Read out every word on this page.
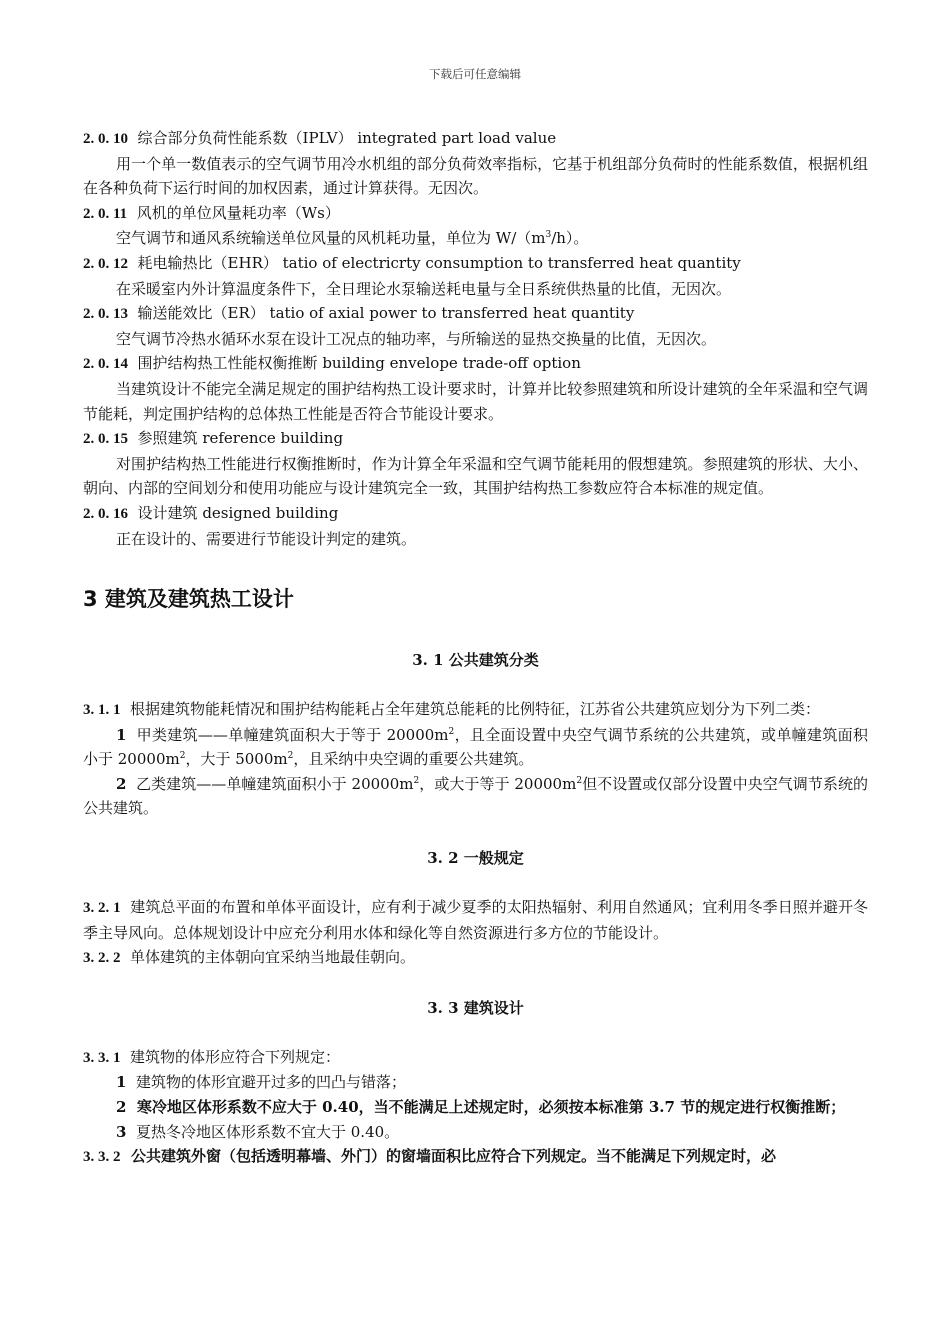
下载后可任意编辑

2. 0. 10 综合部分负荷性能系数（IPLV） integrated part load value

用一个单一数值表示的空气调节用冷水机组的部分负荷效率指标，它基于机组部分负荷时的性能系数值，根据机组在各种负荷下运行时间的加权因素，通过计算获得。无因次。

2. 0. 11 风机的单位风量耗功率（Ws）

空气调节和通风系统输送单位风量的风机耗功量，单位为 $W/(m^3/h)$。

2. 0. 12 耗电输热比（EHR） tatio of electricrty consumption to transferred heat quantity

在采暖室内外计算温度条件下，全日理论水泵输送耗电量与全日系统供热量的比值，无因次。

2. 0. 13 输送能效比（ER） tatio of axial power to transferred heat quantity

空气调节冷热水循环水泵在设计工况点的轴功率，与所输送的显热交换量的比值，无因次。

2. 0. 14 围护结构热工性能权衡推断 building envelope trade-off option

当建筑设计不能完全满足规定的围护结构热工设计要求时，计算并比较参照建筑和所设计建筑的全年采温和空气调节能耗，判定围护结构的总体热工性能是否符合节能设计要求。

2. 0. 15 参照建筑 reference building

对围护结构热工性能进行权衡推断时，作为计算全年采温和空气调节能耗用的假想建筑。参照建筑的形状、大小、朝向、内部的空间划分和使用功能应与设计建筑完全一致，其围护结构热工参数应符合本标准的规定值。

2. 0. 16 设计建筑 designed building

正在设计的、需要进行节能设计判定的建筑。

3 建筑及建筑热工设计
3. 1 公共建筑分类

3. 1. 1 根据建筑物能耗情况和围护结构能耗占全年建筑总能耗的比例特征，江苏省公共建筑应划分为下列二类：

1 甲类建筑——单幢建筑面积大于等于 $20000m^2$，且全面设置中央空气调节系统的公共建筑，或单幢建筑面积小于 $20000m^2$，大于 $5000m^2$，且采纳中央空调的重要公共建筑。

2 乙类建筑——单幢建筑面积小于 $20000m^2$，或大于等于 $20000m^2$但不设置或仅部分设置中央空气调节系统的公共建筑。

3. 2 一般规定

3. 2. 1 建筑总平面的布置和单体平面设计，应有利于减少夏季的太阳热辐射、利用自然通风；宜利用冬季日照并避开冬季主导风向。总体规划设计中应充分利用水体和绿化等自然资源进行多方位的节能设计。

3. 2. 2 单体建筑的主体朝向宜采纳当地最佳朝向。

3. 3 建筑设计

3. 3. 1 建筑物的体形应符合下列规定：

1 建筑物的体形宜避开过多的凹凸与错落；

2 寒冷地区体形系数不应大于 0.40，当不能满足上述规定时，必须按本标准第 3.7 节的规定进行权衡推断；

3 夏热冬冷地区体形系数不宜大于 0.40。

3. 3. 2 公共建筑外窗（包括透明幕墙、外门）的窗墙面积比应符合下列规定。当不能满足下列规定时，必
